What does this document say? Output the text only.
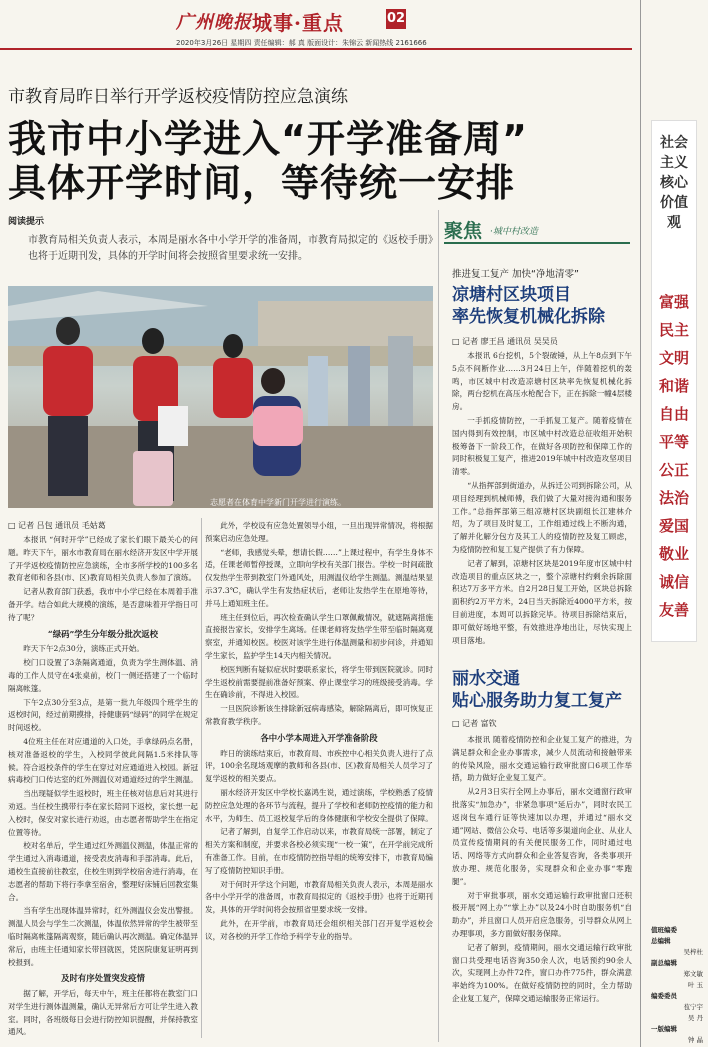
广州晚报 城事·重点	02
2020年3月26日 星期四 责任编辑：郝 真 版面设计：朱锦云 新闻热线 2161666
市教育局昨日举行开学返校疫情防控应急演练
我市中小学进入“开学准备周”
具体开学时间，等待统一安排
阅读提示
市教育局相关负责人表示，本周是丽水各中小学开学的准备周，市教育局拟定的《返校手册》也将于近期刊发，具体的开学时间将会按照省里要求统一安排。
志愿者在体育中学新门开学进行演练。
□ 记者 吕包 通讯员 毛姑葛

本报讯 “何时开学”已经成了家长们眼下最关心的问题。昨天下午，丽水市教育局在丽水经济开发区中学开展了开学返校疫情防控应急演练，全市多所学校的100多名教育老师和各县(市、区)教育局相关负责人参加了演练。

记者从教育部门获悉，我市中小学已经在本周着手准备开学。结合如此大规模的演练，是否意味着开学指日可待了呢？

“绿码”学生分年级分批次返校

昨天下午2点30分，演练正式开始。

校门口设置了3条隔离通道，负责为学生测体温、消毒的工作人员守在4张桌前，校门一侧还搭建了一个临时隔离帐篷。

下午2点30分至3点，是第一批九年级四个班学生的返校时间，经过前期摸排，持健康码“绿码”的同学在规定时间返校。

4位班主任在对应通道的入口处，手拿绿码点名册，核对准备返校的学生，入校同学彼此间隔1.5米排队等候。符合返校条件的学生在穿过对应通道进入校园。新冠病毒校门口传达室的红外测温仪对通道经过的学生测温。

当出现疑似学生返校时，班主任核对信息后对其进行劝返。当任校生携带行李在家长陪同下返校，家长想一起入校时，保安对家长进行劝返，由志愿者帮助学生在指定位置等待。

校对名单后，学生通过红外测温仪测温，体温正常的学生通过入消毒通道，接受表皮消毒和手部消毒。此后，通校生直接前往教室，住校生则到学校宿舍进行消毒，在志愿者的帮助下将行李拿至宿舍，整理好床铺后回教室集合。

当有学生出现体温异常时，红外测温仪会发出警报。测温人员会与学生二次测温，体温依然异常的学生被带至临时隔离帐篷隔离观察，随后确认再次测温。确定体温异常后，由班主任通知家长带回就医，凭医院康复证明再到校报到。

及时有序处置突发疫情

据了解，开学后，每天中午，班主任都将在教室门口对学生进行测体温测量，确认无异常后方可让学生进入教室。同时，各班级每日会进行防控知识提醒，并保持教室通风。

此外，学校设有应急处置领导小组，一旦出现异常情况，将根据预案启动应急处理。

“老师，我感觉头晕，想请长假……”上课过程中，有学生身体不适，任课老师暂停授课，立即向学校有关部门报告。学校一时间疏散仅发热学生带到教室门外通风处，用测温仪给学生测温。测温结果显示37.3℃，确认学生有发热症状后，老师让发热学生在原地等待，并马上通知班主任。

班主任到位后，再次检查确认学生口罩佩戴情况，就遮隔离措施直接报告家长，安排学生离场。任课老师将发热学生带至临时隔离观察室，并通知校医。校医对该学生进行体温测量和初步问诊，并通知学生家长，监护学生14天内相关情况。

校医判断有疑似症状时要联系家长，将学生带到医院就诊。同时学生返校前需要提前准备好预案、停止课堂学习的班级接受消毒。学生在确诊前，不得进入校园。

一旦医院诊断该生排除新冠病毒感染，解除隔离后，即可恢复正常教育教学秩序。

各中小学本周进入开学准备阶段

昨日的演练结束后，市教育局、市疾控中心相关负责人进行了点评，100余名现场观摩的教师和各县(市、区)教育局相关人员学习了复学返校的相关要点。

丽水经济开发区中学校长嘉鸿生说，通过演练，学校熟悉了疫情防控应急处理的各环节与流程，提升了学校和老师防控疫情的能力和水平，为师生、员工返校复学后的身体健康和学校安全提供了保障。

记者了解到，自复学工作启动以来，市教育局统一部署，制定了相关方案和制度，并要求各校必须实现“一校一策”，在开学前完成所有准备工作。目前，在市疫情防控指导组的统筹安排下，市教育局编写了疫情防控知识手册。

对于何时开学这个问题，市教育局相关负责人表示，本周是丽水各中小学开学的准备周，市教育局拟定的《返校手册》也将于近期刊发，具体的开学时间将会按照省里要求统一安排。

此外，在开学前，市教育局还会组织相关部门召开复学返校会议，对各校的开学工作给予科学专业的指导。

聚焦 ·城中村改造
推进复工复产 加快“净地清零”
凉塘村区块项目
率先恢复机械化拆除
□ 记者 廖王昌 通讯员 吴吴员

本报讯 6台挖机，5个裂破锤，从上午8点到下午5点不间断作业……3月24日上午，伴随着挖机的轰鸣，市区城中村改造凉塘村区块率先恢复机械化拆除，两台挖机在高压水枪配合下，正在拆除一幢4层楼房。

一手抓疫情防控，一手抓复工复产。随着疫情在国内得到有效控制，市区城中村改造总征收组开始积极筹备下一阶段工作，在做好各项防控和保障工作的同时积极复工复产，推进2019年城中村改造攻坚项目清零。

“从指挥部到街道办，从拆迁公司到拆除公司，从项目经理到机械师傅，我们做了大量对接沟通和服务工作。”总指挥部第三组凉塘村区块副组长江建林介绍，为了项目及时复工，工作组通过线上不断沟通，了解并化解分包方及其工人的疫情防控及复工顾虑，为疫情防控和复工复产提供了有力保障。

记者了解到，凉塘村区块是2019年度市区城中村改造项目的重点区块之一，整个凉塘村约剩余拆除面积达7万多平方米。自2月28日复工开始，区块总拆除面积约2万平方米，24日当天拆除近4000平方米，按目前进度，本周可以拆除完毕。待项目拆除结束后，即可做好场地平整，有效推进净地出让，尽快实现上项目落地。

丽水交通
贴心服务助力复工复产
□ 记者 富钦

本报讯 随着疫情防控和企业复工复产的推进，为满足群众和企业办事需求，减少人员流动和接触带来的传染风险，丽水交通运输行政审批窗口6项工作举措，助力做好企业复工复产。

从2月3日实行全网上办事后，丽水交通窗行政审批落实“加急办”，非紧急事项“延后办”，同时农民工返岗包车通行证等快速加以办理，并通过“丽水交通”网站、微信公众号、电话等多渠道向企业、从业人员宣传疫情期间的有关便民服务工作，同时通过电话、网络等方式向群众和企业答复咨询，各类事项开放办理、规范化服务，实现群众和企业办事“零跑腿”。

对于审批事项，丽水交通运输行政审批窗口还积极开展“网上办”“掌上办”以及24小时自助服务机“自助办”，并且窗口人员开启应急服务，引导群众从网上办理事项，多方面做好服务保障。

记者了解到，疫情期间，丽水交通运输行政审批窗口共受理电话咨询350余人次，电话预约90余人次，实现网上办件72件，窗口办件775件，群众满意率始终为100%。在做好疫情防控的同时，全力帮助企业复工复产，保障交通运输服务正常运行。

社会主义核心价值观
富强
民主
文明
和谐
自由
平等
公正
法治
爱国
敬业
诚信
友善
值班编委
总编辑
吴梓杜
副总编辑
郑文敏
叶 玉
编委委员
苞宁宇
吴 丹
一版编辑
钟 晶
